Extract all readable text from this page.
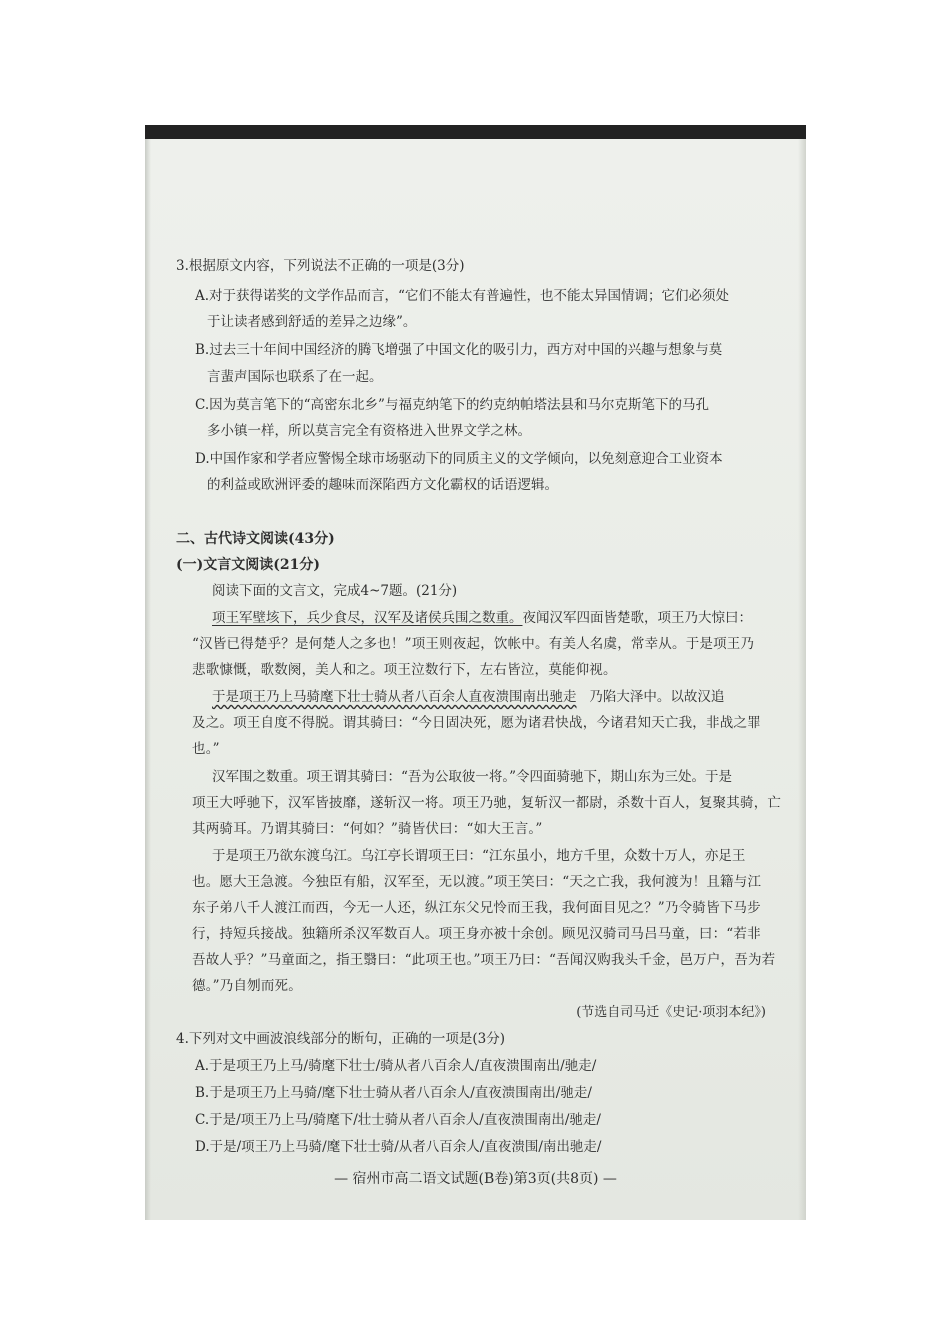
3.根据原文内容，下列说法不正确的一项是(3分)
A.对于获得诺奖的文学作品而言，“它们不能太有普遍性，也不能太异国情调；它们必须处
于让读者感到舒适的差异之边缘”。
B.过去三十年间中国经济的腾飞增强了中国文化的吸引力，西方对中国的兴趣与想象与莫
言蜚声国际也联系了在一起。
C.因为莫言笔下的“高密东北乡”与福克纳笔下的约克纳帕塔法县和马尔克斯笔下的马孔
多小镇一样，所以莫言完全有资格进入世界文学之林。
D.中国作家和学者应警惕全球市场驱动下的同质主义的文学倾向，以免刻意迎合工业资本
的利益或欧洲评委的趣味而深陷西方文化霸权的话语逻辑。
二、古代诗文阅读(43分)
(一)文言文阅读(21分)
阅读下面的文言文，完成4~7题。(21分)
项王军壁垓下，兵少食尽，汉军及诸侯兵围之数重。夜闻汉军四面皆楚歌，项王乃大惊曰：
“汉皆已得楚乎？是何楚人之多也！”项王则夜起，饮帐中。有美人名虞，常幸从。于是项王乃
悲歌慷慨，歌数阕，美人和之。项王泣数行下，左右皆泣，莫能仰视。
于是项王乃上马骑麾下壮士骑从者八百余人直夜溃围南出驰走 乃陷大泽中。以故汉追
及之。项王自度不得脱。谓其骑曰：“今日固决死，愿为诸君快战，今诸君知天亡我，非战之罪
也。”
汉军围之数重。项王谓其骑曰：“吾为公取彼一将。”令四面骑驰下，期山东为三处。于是
项王大呼驰下，汉军皆披靡，遂斩汉一将。项王乃驰，复斩汉一都尉，杀数十百人，复聚其骑，亡
其两骑耳。乃谓其骑曰：“何如？”骑皆伏曰：“如大王言。”
于是项王乃欲东渡乌江。乌江亭长谓项王曰：“江东虽小，地方千里，众数十万人，亦足王
也。愿大王急渡。今独臣有船，汉军至，无以渡。”项王笑曰：“天之亡我，我何渡为！且籍与江
东子弟八千人渡江而西，今无一人还，纵江东父兄怜而王我，我何面目见之？”乃令骑皆下马步
行，持短兵接战。独籍所杀汉军数百人。项王身亦被十余创。顾见汉骑司马吕马童，曰：“若非
吾故人乎？”马童面之，指王翳曰：“此项王也。”项王乃曰：“吾闻汉购我头千金，邑万户，吾为若
德。”乃自刎而死。
(节选自司马迁《史记·项羽本纪》)
4.下列对文中画波浪线部分的断句，正确的一项是(3分)
A.于是项王乃上马/骑麾下壮士/骑从者八百余人/直夜溃围南出/驰走/
B.于是项王乃上马骑/麾下壮士骑从者八百余人/直夜溃围南出/驰走/
C.于是/项王乃上马/骑麾下/壮士骑从者八百余人/直夜溃围南出/驰走/
D.于是/项王乃上马骑/麾下壮士骑/从者八百余人/直夜溃围/南出驰走/
— 宿州市高二语文试题(B卷)第3页(共8页) —
